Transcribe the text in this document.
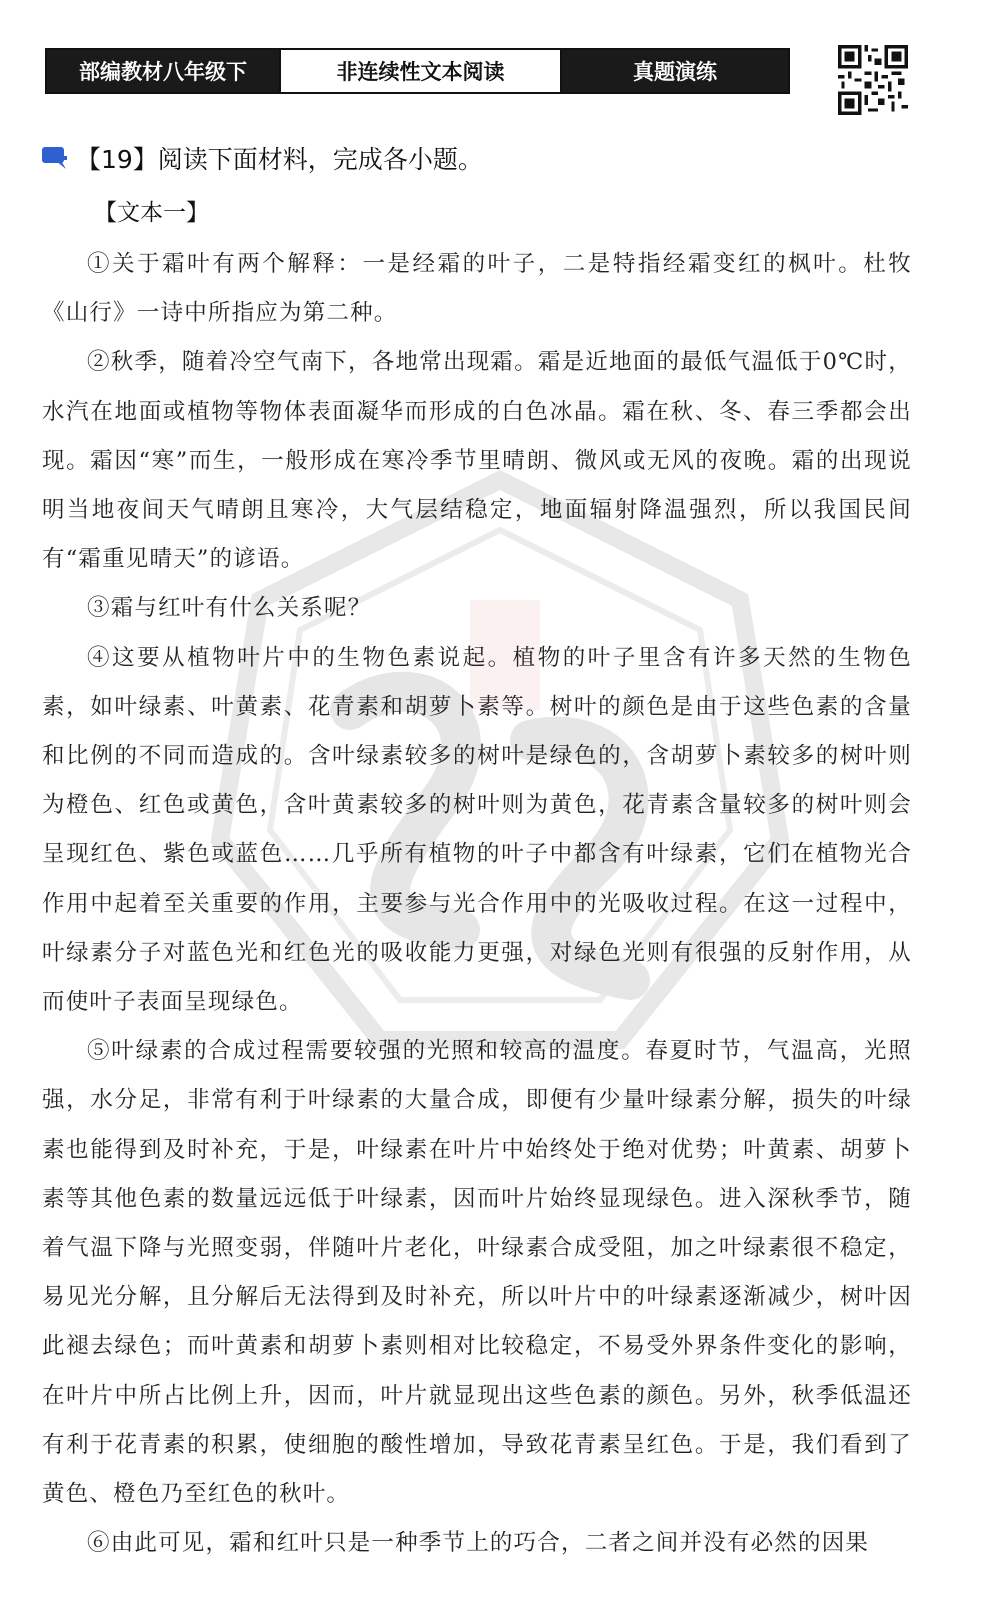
部编教材八年级下	非连续性文本阅读	真题演练
【19】阅读下面材料，完成各小题。
【文本一】

①关于霜叶有两个解释：一是经霜的叶子，二是特指经霜变红的枫叶。杜牧《山行》一诗中所指应为第二种。

②秋季，随着冷空气南下，各地常出现霜。霜是近地面的最低气温低于0℃时，水汽在地面或植物等物体表面凝华而形成的白色冰晶。霜在秋、冬、春三季都会出现。霜因“寒”而生，一般形成在寒冷季节里晴朗、微风或无风的夜晚。霜的出现说明当地夜间天气晴朗且寒冷，大气层结稳定，地面辐射降温强烈，所以我国民间有“霜重见晴天”的谚语。

③霜与红叶有什么关系呢？

④这要从植物叶片中的生物色素说起。植物的叶子里含有许多天然的生物色素，如叶绿素、叶黄素、花青素和胡萝卜素等。树叶的颜色是由于这些色素的含量和比例的不同而造成的。含叶绿素较多的树叶是绿色的，含胡萝卜素较多的树叶则为橙色、红色或黄色，含叶黄素较多的树叶则为黄色，花青素含量较多的树叶则会呈现红色、紫色或蓝色……几乎所有植物的叶子中都含有叶绿素，它们在植物光合作用中起着至关重要的作用，主要参与光合作用中的光吸收过程。在这一过程中，叶绿素分子对蓝色光和红色光的吸收能力更强，对绿色光则有很强的反射作用，从而使叶子表面呈现绿色。

⑤叶绿素的合成过程需要较强的光照和较高的温度。春夏时节，气温高，光照强，水分足，非常有利于叶绿素的大量合成，即便有少量叶绿素分解，损失的叶绿素也能得到及时补充，于是，叶绿素在叶片中始终处于绝对优势；叶黄素、胡萝卜素等其他色素的数量远远低于叶绿素，因而叶片始终显现绿色。进入深秋季节，随着气温下降与光照变弱，伴随叶片老化，叶绿素合成受阻，加之叶绿素很不稳定，易见光分解，且分解后无法得到及时补充，所以叶片中的叶绿素逐渐减少，树叶因此褪去绿色；而叶黄素和胡萝卜素则相对比较稳定，不易受外界条件变化的影响，在叶片中所占比例上升，因而，叶片就显现出这些色素的颜色。另外，秋季低温还有利于花青素的积累，使细胞的酸性增加，导致花青素呈红色。于是，我们看到了黄色、橙色乃至红色的秋叶。

⑥由此可见，霜和红叶只是一种季节上的巧合，二者之间并没有必然的因果
